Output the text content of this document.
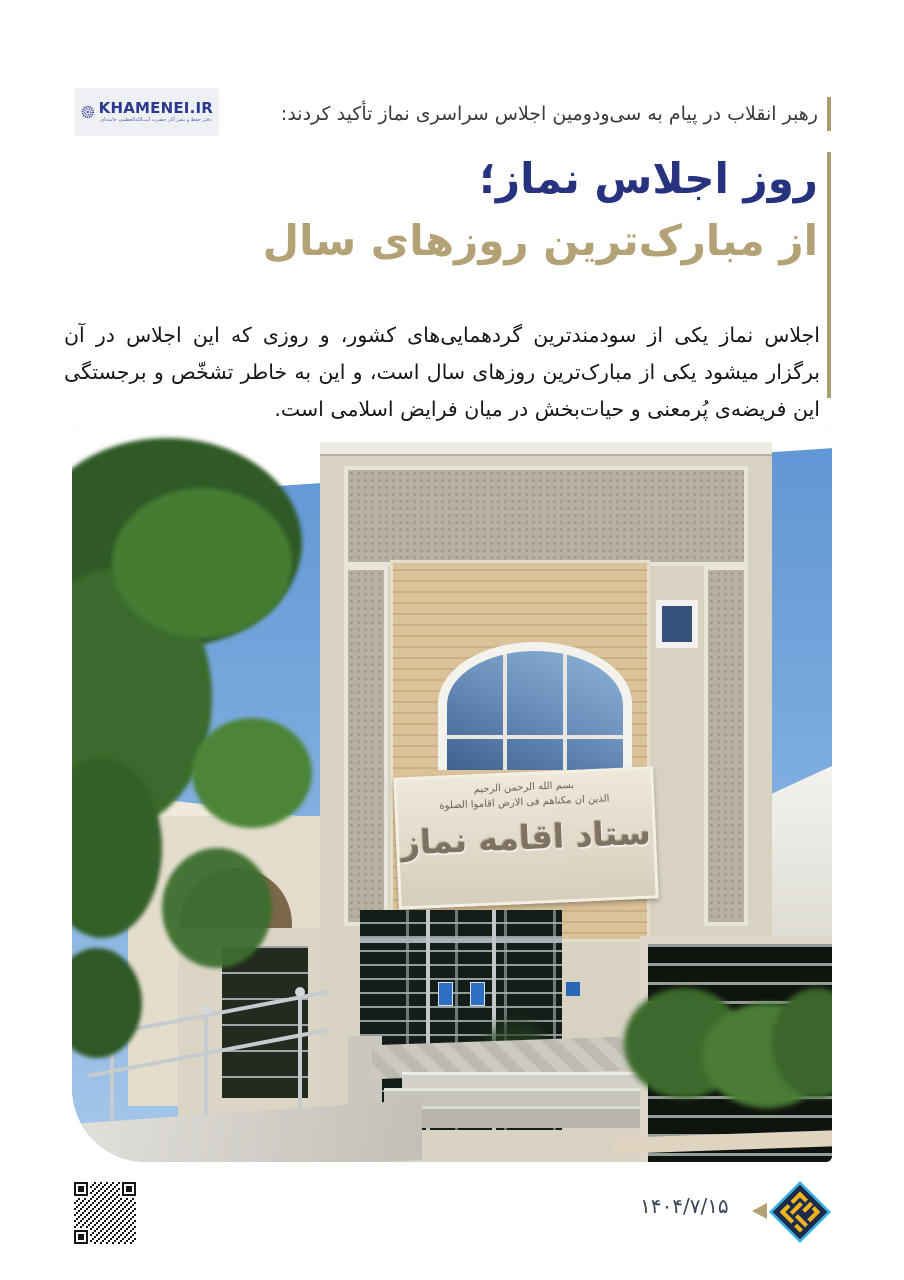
KHAMENEI.IR
دفتر حفظ و نشر آثار حضرت آیت‌الله‌العظمی خامنه‌ای	رهبر انقلاب در پیام به سی‌ودومین اجلاس سراسری نماز تأکید کردند:
روز اجلاس نماز؛
از مبارک‌ترین روزهای سال

اجلاس نماز یکی از سودمندترین گردهمایی‌های کشور، و روزی که این اجلاس در آن برگزار میشود یکی از مبارک‌ترین روزهای سال است، و این به خاطر تشخّص و برجستگی این فریضه‌ی پُرمعنی و حیات‌بخش در میان فرایض اسلامی است.

بسم الله الرحمن الرحیم
الذین ان مکناهم فی الارض اقاموا الصلوة
ستاد اقامه نماز
۱۴۰۴/۷/۱۵
